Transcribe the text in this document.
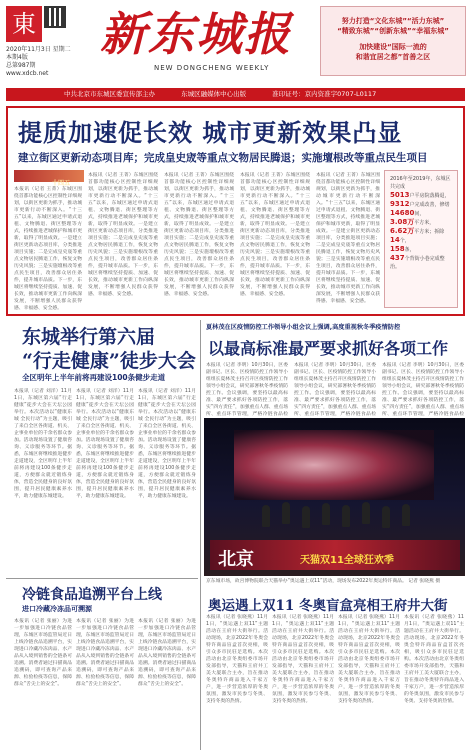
東
2020年11月3日 星期二
本期4版
总第987期
www.xdcb.net
新东城报
NEW DONGCHENG WEEKLY
努力打造“文化东城”“活力东城”
“精致东城”“创新东城”“幸福东城”
加快建设“国际一流的
和谐宜居之都”首善之区
中共北京市东城区委宣传部主办	东城区融媒体中心出版	准印证号：京内资准字0707-L0117
提质加速促长效 城市更新效果凸显
建立街区更新动态项目库；完成皇史宬等重点文物居民腾退；实施壇根改等重点民生项目
十四五
本报讯（记者 王菁）东城区围绕首都功能核心区控制性详细规划，以街区更新为抓手，推动城市更新行动不断深入。“十三五”以来，东城区通过申请式退租、文物腾退、街区整理等方式，持续推进老城保护和城市更新，取得了明显成效。一是建立街区更新动态项目库，分类推进项目实施；二是完成皇史宬等重点文物居民腾退工作，恢复文物历史风貌；三是实施壇根改等重点民生项目，改善群众居住条件，提升城市品质。下一步，东城区将继续坚持提质、加速、促长效，推动城市更新工作向纵深发展，不断增强人民群众获得感、幸福感、安全感。
本报讯（记者 王菁）东城区围绕首都功能核心区控制性详细规划，以街区更新为抓手，推动城市更新行动不断深入。“十三五”以来，东城区通过申请式退租、文物腾退、街区整理等方式，持续推进老城保护和城市更新，取得了明显成效。一是建立街区更新动态项目库，分类推进项目实施；二是完成皇史宬等重点文物居民腾退工作，恢复文物历史风貌；三是实施壇根改等重点民生项目，改善群众居住条件，提升城市品质。下一步，东城区将继续坚持提质、加速、促长效，推动城市更新工作向纵深发展，不断增强人民群众获得感、幸福感、安全感。
本报讯（记者 王菁）东城区围绕首都功能核心区控制性详细规划，以街区更新为抓手，推动城市更新行动不断深入。“十三五”以来，东城区通过申请式退租、文物腾退、街区整理等方式，持续推进老城保护和城市更新，取得了明显成效。一是建立街区更新动态项目库，分类推进项目实施；二是完成皇史宬等重点文物居民腾退工作，恢复文物历史风貌；三是实施壇根改等重点民生项目，改善群众居住条件，提升城市品质。下一步，东城区将继续坚持提质、加速、促长效，推动城市更新工作向纵深发展，不断增强人民群众获得感、幸福感、安全感。
本报讯（记者 王菁）东城区围绕首都功能核心区控制性详细规划，以街区更新为抓手，推动城市更新行动不断深入。“十三五”以来，东城区通过申请式退租、文物腾退、街区整理等方式，持续推进老城保护和城市更新，取得了明显成效。一是建立街区更新动态项目库，分类推进项目实施；二是完成皇史宬等重点文物居民腾退工作，恢复文物历史风貌；三是实施壇根改等重点民生项目，改善群众居住条件，提升城市品质。下一步，东城区将继续坚持提质、加速、促长效，推动城市更新工作向纵深发展，不断增强人民群众获得感、幸福感、安全感。
本报讯（记者 王菁）东城区围绕首都功能核心区控制性详细规划，以街区更新为抓手，推动城市更新行动不断深入。“十三五”以来，东城区通过申请式退租、文物腾退、街区整理等方式，持续推进老城保护和城市更新，取得了明显成效。一是建立街区更新动态项目库，分类推进项目实施；二是完成皇史宬等重点文物居民腾退工作，恢复文物历史风貌；三是实施壇根改等重点民生项目，改善群众居住条件，提升城市品质。下一步，东城区将继续坚持提质、加速、促长效，推动城市更新工作向纵深发展，不断增强人民群众获得感、幸福感、安全感。

2016年至2019年，东城区共完成

5013户平房院落腾退，

9312户完成改善，修缮

14680间，

3.08万平方米，

6.62万平方米；拆除

14个，

158条，

437个背街小巷完成整治。

东城举行第六届
“行走健康”徒步大会
全区明年上半年前将再建设100条健步走道
本报讯（记者 刘洋）11月1日，东城区第六届“行走健康”徒步大会在天坛公园举行。本次活动以“健康东城 全民行动”为主题，吸引了来自全区各街道、机关、企事业单位的千余名群众参加。活动现场设置了健康咨询、义诊服务等环节。据悉，东城区将继续推进健步走道建设，全区明年上半年前将再建设100条健步走道，方便群众就近锻炼身体，营造全民健身的良好氛围，提升居民健康素养水平，助力健康东城建设。
本报讯（记者 刘洋）11月1日，东城区第六届“行走健康”徒步大会在天坛公园举行。本次活动以“健康东城 全民行动”为主题，吸引了来自全区各街道、机关、企事业单位的千余名群众参加。活动现场设置了健康咨询、义诊服务等环节。据悉，东城区将继续推进健步走道建设，全区明年上半年前将再建设100条健步走道，方便群众就近锻炼身体，营造全民健身的良好氛围，提升居民健康素养水平，助力健康东城建设。
本报讯（记者 刘洋）11月1日，东城区第六届“行走健康”徒步大会在天坛公园举行。本次活动以“健康东城 全民行动”为主题，吸引了来自全区各街道、机关、企事业单位的千余名群众参加。活动现场设置了健康咨询、义诊服务等环节。据悉，东城区将继续推进健步走道建设，全区明年上半年前将再建设100条健步走道，方便群众就近锻炼身体，营造全民健身的良好氛围，提升居民健康素养水平，助力健康东城建设。
冷链食品追溯平台上线
进口冷藏冷冻品可溯源
本报讯（记者 张丽）为进一步加强进口冷链食品管理，东城区市场监管局近日上线冷链食品追溯平台，实现进口冷藏冷冻肉品、水产品从入境到销售的全链条可追溯。消费者通过扫描商品追溯码，即可查询产品来源、检验检疫等信息，保障群众“舌尖上的安全”。
本报讯（记者 张丽）为进一步加强进口冷链食品管理，东城区市场监管局近日上线冷链食品追溯平台，实现进口冷藏冷冻肉品、水产品从入境到销售的全链条可追溯。消费者通过扫描商品追溯码，即可查询产品来源、检验检疫等信息，保障群众“舌尖上的安全”。
本报讯（记者 张丽）为进一步加强进口冷链食品管理，东城区市场监管局近日上线冷链食品追溯平台，实现进口冷藏冷冻肉品、水产品从入境到销售的全链条可追溯。消费者通过扫描商品追溯码，即可查询产品来源、检验检疫等信息，保障群众“舌尖上的安全”。
夏林茂在区疫情防控工作领导小组会议上强调,高度重视秋冬季疫情防控
以最高标准最严要求抓好各项工作
本报讯（记者 李明）10月30日，区委副书记、区长、区疫情防控工作领导小组组长夏林茂主持召开区疫情防控工作领导小组会议，研究部署秋冬季疫情防控工作。会议强调，要坚持以最高标准、最严要求抓好各项防控工作，落实“四方责任”，加强重点人群、重点场所、重点环节管理，严格冷链食品检
本报讯（记者 李明）10月30日，区委副书记、区长、区疫情防控工作领导小组组长夏林茂主持召开区疫情防控工作领导小组会议，研究部署秋冬季疫情防控工作。会议强调，要坚持以最高标准、最严要求抓好各项防控工作，落实“四方责任”，加强重点人群、重点场所、重点环节管理，严格冷链食品检
本报讯（记者 李明）10月30日，区委副书记、区长、区疫情防控工作领导小组组长夏林茂主持召开区疫情防控工作领导小组会议，研究部署秋冬季疫情防控工作。会议强调，要坚持以最高标准、最严要求抓好各项防控工作，落实“四方责任”，加强重点人群、重点场所、重点环节管理，严格冷链食品检
北京	天猫双11全球狂欢季
京东城市场，故宫博物院联合天猫举办“奥运遇上双11”活动，现场发布2022年奥运特许商品。 记者 张晓燕 摄
奥运遇上双11 冬奥盲盒亮相王府井大街
本报讯（记者 张晓燕）11月1日，“奥运遇上双11”主题活动在王府井大街举行。活动现场，北京2022年冬奥会特许商品盲盒首次亮相，吸引众多市民驻足选购。本次活动由北京冬奥组委市场开发部指导，天猫和王府井工美大厦联合主办，旨在推动冬奥特许商品进入千家万户，进一步营造浓厚的冬奥氛围，激发市民参与冬奥、支持冬奥的热情。
本报讯（记者 张晓燕）11月1日，“奥运遇上双11”主题活动在王府井大街举行。活动现场，北京2022年冬奥会特许商品盲盒首次亮相，吸引众多市民驻足选购。本次活动由北京冬奥组委市场开发部指导，天猫和王府井工美大厦联合主办，旨在推动冬奥特许商品进入千家万户，进一步营造浓厚的冬奥氛围，激发市民参与冬奥、支持冬奥的热情。
本报讯（记者 张晓燕）11月1日，“奥运遇上双11”主题活动在王府井大街举行。活动现场，北京2022年冬奥会特许商品盲盒首次亮相，吸引众多市民驻足选购。本次活动由北京冬奥组委市场开发部指导，天猫和王府井工美大厦联合主办，旨在推动冬奥特许商品进入千家万户，进一步营造浓厚的冬奥氛围，激发市民参与冬奥、支持冬奥的热情。
本报讯（记者 张晓燕）11月1日，“奥运遇上双11”主题活动在王府井大街举行。活动现场，北京2022年冬奥会特许商品盲盒首次亮相，吸引众多市民驻足选购。本次活动由北京冬奥组委市场开发部指导，天猫和王府井工美大厦联合主办，旨在推动冬奥特许商品进入千家万户，进一步营造浓厚的冬奥氛围，激发市民参与冬奥、支持冬奥的热情。
